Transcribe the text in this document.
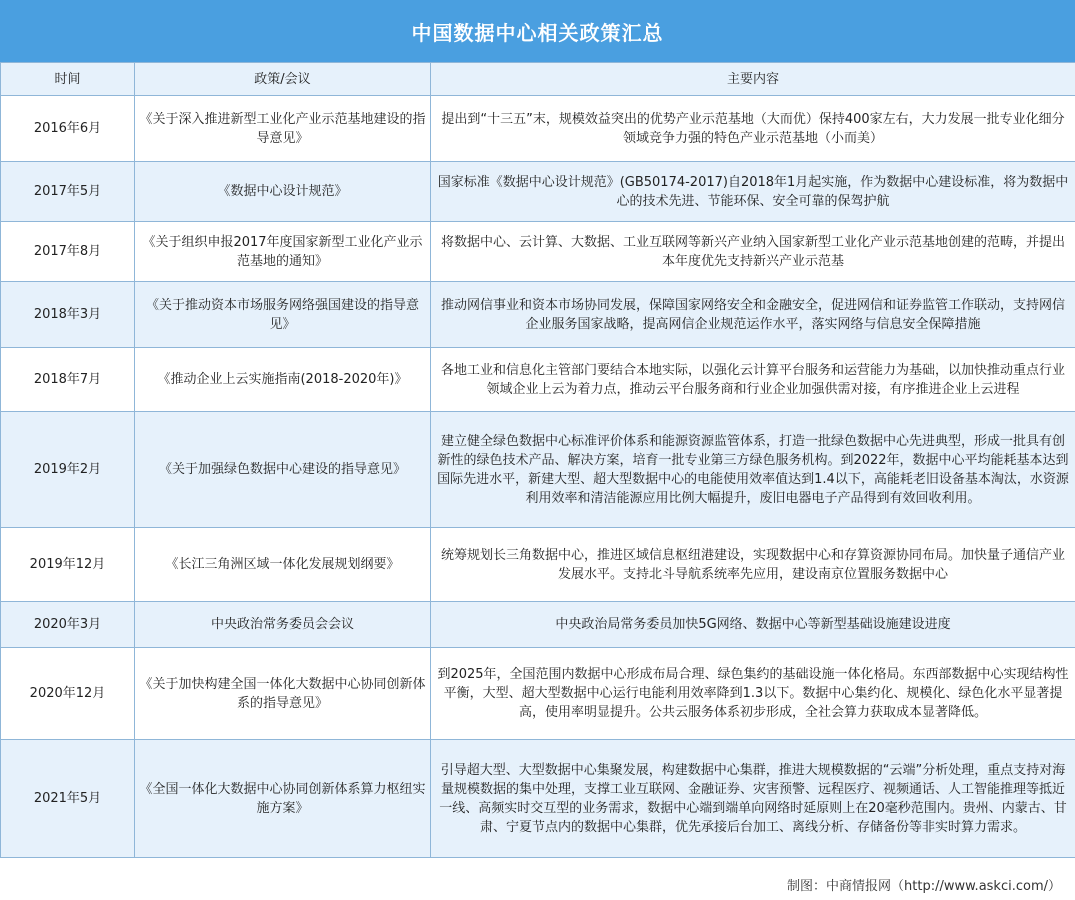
中国数据中心相关政策汇总
时间	政策/会议	主要内容
2016年6月	《关于深入推进新型工业化产业示范基地建设的指导意见》	提出到“十三五”末，规模效益突出的优势产业示范基地（大而优）保持400家左右，大力发展一批专业化细分领域竞争力强的特色产业示范基地（小而美）
2017年5月	《数据中心设计规范》	国家标准《数据中心设计规范》(GB50174-2017)自2018年1月起实施，作为数据中心建设标准，将为数据中心的技术先进、节能环保、安全可靠的保驾护航
2017年8月	《关于组织申报2017年度国家新型工业化产业示范基地的通知》	将数据中心、云计算、大数据、工业互联网等新兴产业纳入国家新型工业化产业示范基地创建的范畴，并提出本年度优先支持新兴产业示范基
2018年3月	《关于推动资本市场服务网络强国建设的指导意见》	推动网信事业和资本市场协同发展，保障国家网络安全和金融安全，促进网信和证券监管工作联动，支持网信企业服务国家战略，提高网信企业规范运作水平，落实网络与信息安全保障措施
2018年7月	《推动企业上云实施指南(2018-2020年)》	各地工业和信息化主管部门要结合本地实际，以强化云计算平台服务和运营能力为基础，以加快推动重点行业领域企业上云为着力点，推动云平台服务商和行业企业加强供需对接，有序推进企业上云进程
2019年2月	《关于加强绿色数据中心建设的指导意见》	建立健全绿色数据中心标准评价体系和能源资源监管体系，打造一批绿色数据中心先进典型，形成一批具有创新性的绿色技术产品、解决方案，培育一批专业第三方绿色服务机构。到2022年，数据中心平均能耗基本达到国际先进水平，新建大型、超大型数据中心的电能使用效率值达到1.4以下，高能耗老旧设备基本淘汰，水资源利用效率和清洁能源应用比例大幅提升，废旧电器电子产品得到有效回收利用。
2019年12月	《长江三角洲区域一体化发展规划纲要》	统筹规划长三角数据中心，推进区域信息枢纽港建设，实现数据中心和存算资源协同布局。加快量子通信产业发展水平。支持北斗导航系统率先应用，建设南京位置服务数据中心
2020年3月	中央政治常务委员会会议	中央政治局常务委员加快5G网络、数据中心等新型基础设施建设进度
2020年12月	《关于加快构建全国一体化大数据中心协同创新体系的指导意见》	到2025年，全国范围内数据中心形成布局合理、绿色集约的基础设施一体化格局。东西部数据中心实现结构性平衡，大型、超大型数据中心运行电能利用效率降到1.3以下。数据中心集约化、规模化、绿色化水平显著提高，使用率明显提升。公共云服务体系初步形成，全社会算力获取成本显著降低。
2021年5月	《全国一体化大数据中心协同创新体系算力枢纽实施方案》	引导超大型、大型数据中心集聚发展，构建数据中心集群，推进大规模数据的“云端”分析处理，重点支持对海量规模数据的集中处理，支撑工业互联网、金融证券、灾害预警、远程医疗、视频通话、人工智能推理等抵近一线、高频实时交互型的业务需求，数据中心端到端单向网络时延原则上在20毫秒范围内。贵州、内蒙古、甘肃、宁夏节点内的数据中心集群，优先承接后台加工、离线分析、存储备份等非实时算力需求。
制图：中商情报网（http://www.askci.com/）
